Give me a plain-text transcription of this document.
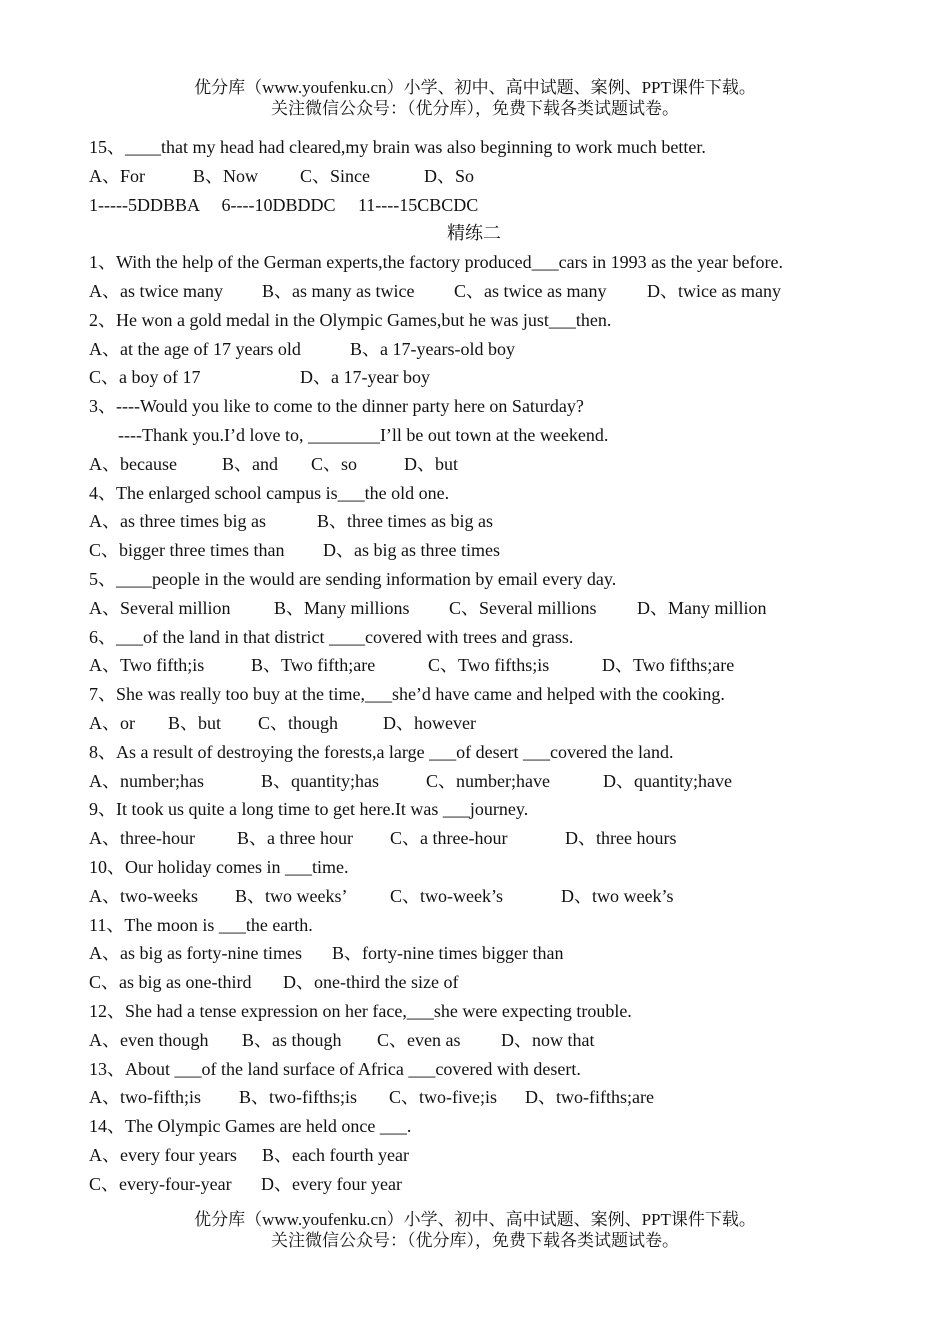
优分库（www.youfenku.cn）小学、初中、高中试题、案例、PPT课件下载。
关注微信公众号：（优分库），免费下载各类试题试卷。
15、____that my head had cleared,my brain was also beginning to work much better.
A、For	B、Now C、Since	D、So
1-----5DDBBA     6----10DBDDC     11----15CBCDC
精练二
1、With the help of the German experts,the factory produced___cars in 1993 as the year before.
A、as twice many B、as many as twice C、as twice as many D、twice as many
2、He won a gold medal in the Olympic Games,but he was just___then.
A、at the age of 17 years old	B、a 17-years-old boy
C、a boy of 17	D、a 17-year boy
3、----Would you like to come to the dinner party here on Saturday?
----Thank you.I’d love to, ________I’ll be out town at the weekend.
A、because	B、and C、so	D、but
4、The enlarged school campus is___the old one.
A、as three times big as	B、three times as big as
C、bigger three times than D、as big as three times
5、____people in the would are sending information by email every day.
A、Several million B、Many millions C、Several millions D、Many million
6、___of the land in that district ____covered with trees and grass.
A、Two fifth;is	B、Two fifth;are	C、Two fifths;is	D、Two fifths;are
7、She was really too buy at the time,___she’d have came and helped with the cooking.
A、or B、but C、though D、however
8、As a result of destroying the forests,a large ___of desert ___covered the land.
A、number;has	B、quantity;has	C、number;have	D、quantity;have
9、It took us quite a long time to get here.It was ___journey.
A、three-hour B、a three hour C、a three-hour	D、three hours
10、Our holiday comes in ___time.
A、two-weeks B、two weeks’ C、two-week’s	D、two week’s
11、The moon is ___the earth.
A、as big as forty-nine times B、forty-nine times bigger than
C、as big as one-third D、one-third the size of
12、She had a tense expression on her face,___she were expecting trouble.
A、even though B、as though C、even as D、now that
13、About ___of the land surface of Africa ___covered with desert.
A、two-fifth;is B、two-fifths;is C、two-five;is D、two-fifths;are
14、The Olympic Games are held once ___.
A、every four years B、each fourth year
C、every-four-year D、every four year
优分库（www.youfenku.cn）小学、初中、高中试题、案例、PPT课件下载。
关注微信公众号：（优分库），免费下载各类试题试卷。
